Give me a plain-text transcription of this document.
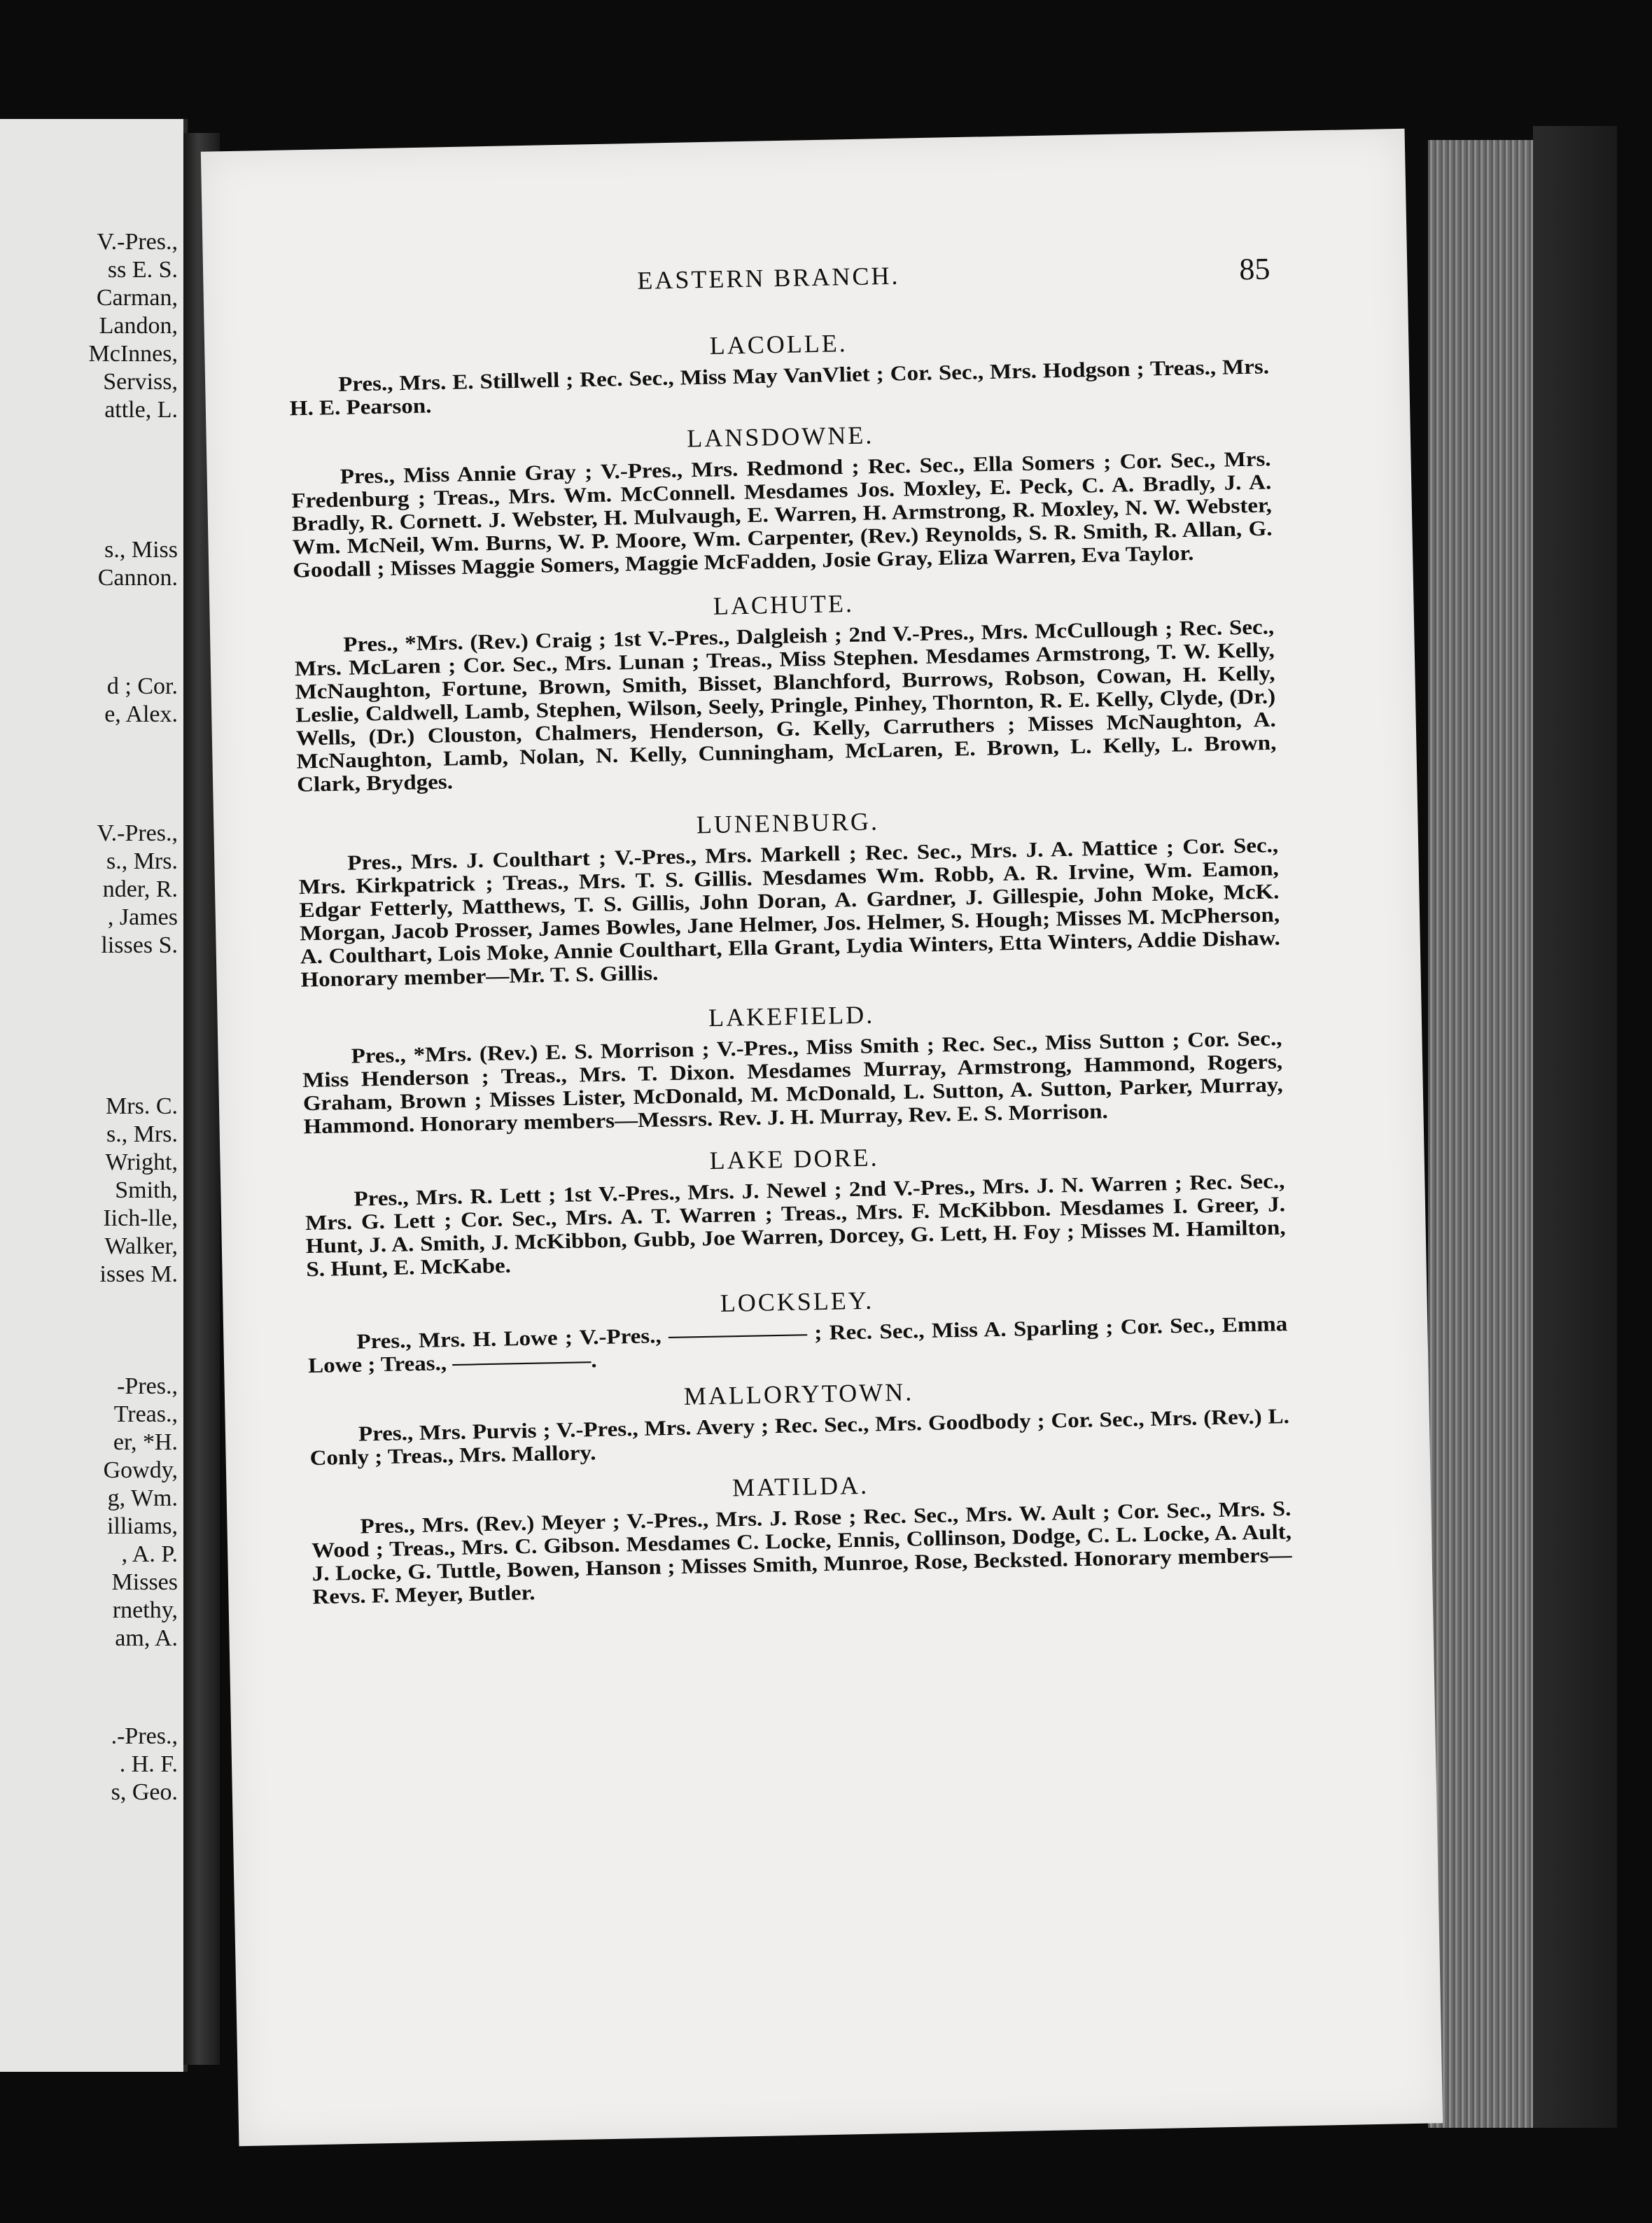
V.-Pres.,
ss E. S.
Carman,
Landon,
McInnes,
Serviss,
attle, L.
s., Miss
Cannon.
d ; Cor.
e, Alex.
V.-Pres.,
s., Mrs.
nder, R.
, James
lisses S.
Mrs. C.
s., Mrs.
Wright,
Smith,
Iich-lle,
Walker,
isses M.
-Pres.,
Treas.,
er, *H.
Gowdy,
g, Wm.
illiams,
, A. P.
Misses
rnethy,
am, A.
.-Pres.,
. H. F.
s, Geo.
EASTERN BRANCH.	85
LACOLLE.
Pres., Mrs. E. Stillwell ; Rec. Sec., Miss May VanVliet ; Cor. Sec., Mrs. Hodgson ; Treas., Mrs. H. E. Pearson.
LANSDOWNE.
Pres., Miss Annie Gray ; V.-Pres., Mrs. Redmond ; Rec. Sec., Ella Somers ; Cor. Sec., Mrs. Fredenburg ; Treas., Mrs. Wm. McConnell. Mesdames Jos. Moxley, E. Peck, C. A. Bradly, J. A. Bradly, R. Cornett. J. Webster, H. Mulvaugh, E. Warren, H. Armstrong, R. Moxley, N. W. Webster, Wm. McNeil, Wm. Burns, W. P. Moore, Wm. Carpenter, (Rev.) Reynolds, S. R. Smith, R. Allan, G. Goodall ; Misses Maggie Somers, Maggie McFadden, Josie Gray, Eliza Warren, Eva Taylor.
LACHUTE.
Pres., *Mrs. (Rev.) Craig ; 1st V.-Pres., Dalgleish ; 2nd V.-Pres., Mrs. McCullough ; Rec. Sec., Mrs. McLaren ; Cor. Sec., Mrs. Lunan ; Treas., Miss Stephen. Mesdames Armstrong, T. W. Kelly, McNaughton, Fortune, Brown, Smith, Bisset, Blanchford, Burrows, Robson, Cowan, H. Kelly, Leslie, Caldwell, Lamb, Stephen, Wilson, Seely, Pringle, Pinhey, Thornton, R. E. Kelly, Clyde, (Dr.) Wells, (Dr.) Clouston, Chalmers, Henderson, G. Kelly, Carruthers ; Misses McNaughton, A. McNaughton, Lamb, Nolan, N. Kelly, Cunningham, McLaren, E. Brown, L. Kelly, L. Brown, Clark, Brydges.
LUNENBURG.
Pres., Mrs. J. Coulthart ; V.-Pres., Mrs. Markell ; Rec. Sec., Mrs. J. A. Mattice ; Cor. Sec., Mrs. Kirkpatrick ; Treas., Mrs. T. S. Gillis. Mesdames Wm. Robb, A. R. Irvine, Wm. Eamon, Edgar Fetterly, Matthews, T. S. Gillis, John Doran, A. Gardner, J. Gillespie, John Moke, McK. Morgan, Jacob Prosser, James Bowles, Jane Helmer, Jos. Helmer, S. Hough; Misses M. McPherson, A. Coulthart, Lois Moke, Annie Coulthart, Ella Grant, Lydia Winters, Etta Winters, Addie Dishaw. Honorary member—Mr. T. S. Gillis.
LAKEFIELD.
Pres., *Mrs. (Rev.) E. S. Morrison ; V.-Pres., Miss Smith ; Rec. Sec., Miss Sutton ; Cor. Sec., Miss Henderson ; Treas., Mrs. T. Dixon. Mesdames Murray, Armstrong, Hammond, Rogers, Graham, Brown ; Misses Lister, McDonald, M. McDonald, L. Sutton, A. Sutton, Parker, Murray, Hammond. Honorary members—Messrs. Rev. J. H. Murray, Rev. E. S. Morrison.
LAKE DORE.
Pres., Mrs. R. Lett ; 1st V.-Pres., Mrs. J. Newel ; 2nd V.-Pres., Mrs. J. N. Warren ; Rec. Sec., Mrs. G. Lett ; Cor. Sec., Mrs. A. T. Warren ; Treas., Mrs. F. McKibbon. Mesdames I. Greer, J. Hunt, J. A. Smith, J. McKibbon, Gubb, Joe Warren, Dorcey, G. Lett, H. Foy ; Misses M. Hamilton, S. Hunt, E. McKabe.
LOCKSLEY.
Pres., Mrs. H. Lowe ; V.-Pres., —————— ; Rec. Sec., Miss A. Sparling ; Cor. Sec., Emma Lowe ; Treas., ——————.
MALLORYTOWN.
Pres., Mrs. Purvis ; V.-Pres., Mrs. Avery ; Rec. Sec., Mrs. Goodbody ; Cor. Sec., Mrs. (Rev.) L. Conly ; Treas., Mrs. Mallory.
MATILDA.
Pres., Mrs. (Rev.) Meyer ; V.-Pres., Mrs. J. Rose ; Rec. Sec., Mrs. W. Ault ; Cor. Sec., Mrs. S. Wood ; Treas., Mrs. C. Gibson. Mesdames C. Locke, Ennis, Collinson, Dodge, C. L. Locke, A. Ault, J. Locke, G. Tuttle, Bowen, Hanson ; Misses Smith, Munroe, Rose, Becksted. Honorary members—Revs. F. Meyer, Butler.
